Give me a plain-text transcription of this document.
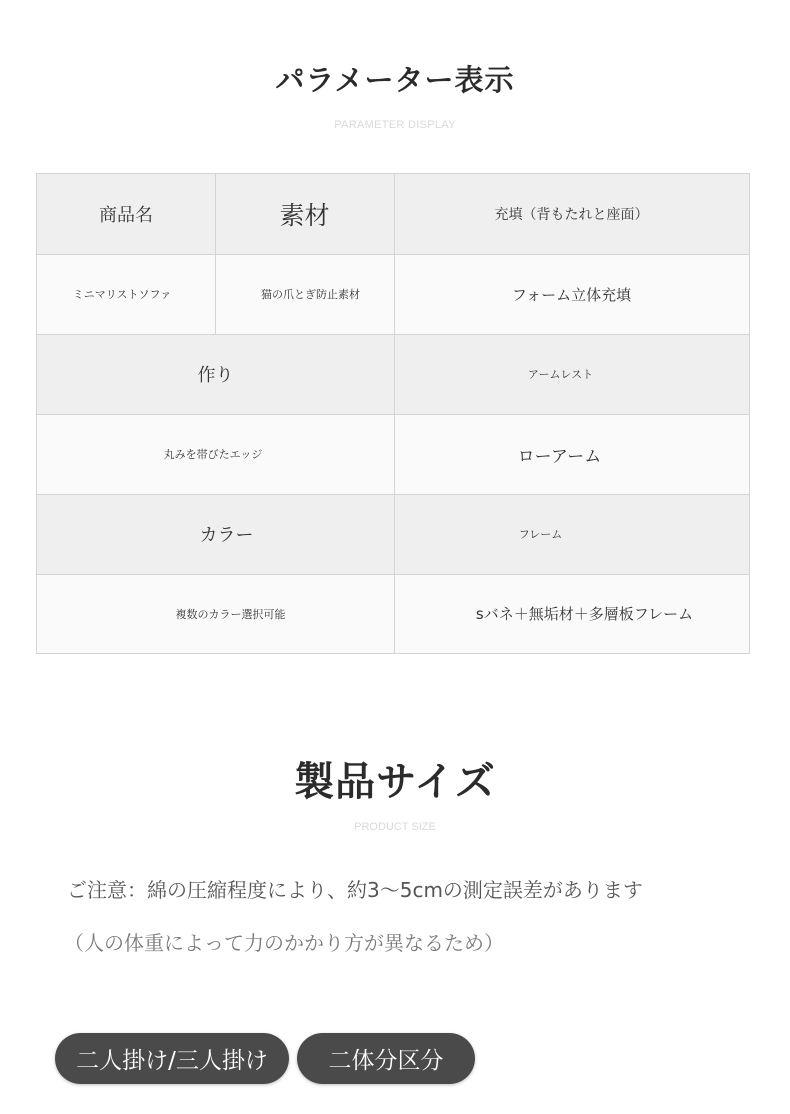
パラメーター表示
PARAMETER DISPLAY
商品名	素材	充填（背もたれと座面）
ミニマリストソファ	猫の爪とぎ防止素材	フォーム立体充填
作り	アームレスト
丸みを帯びたエッジ	ローアーム
カラー	フレーム
複数のカラー選択可能	sバネ＋無垢材＋多層板フレーム
製品サイズ
PRODUCT SIZE
ご注意：綿の圧縮程度により、約3〜5cmの測定誤差があります
（人の体重によって力のかかり方が異なるため）
二人掛け/三人掛け	二体分区分
